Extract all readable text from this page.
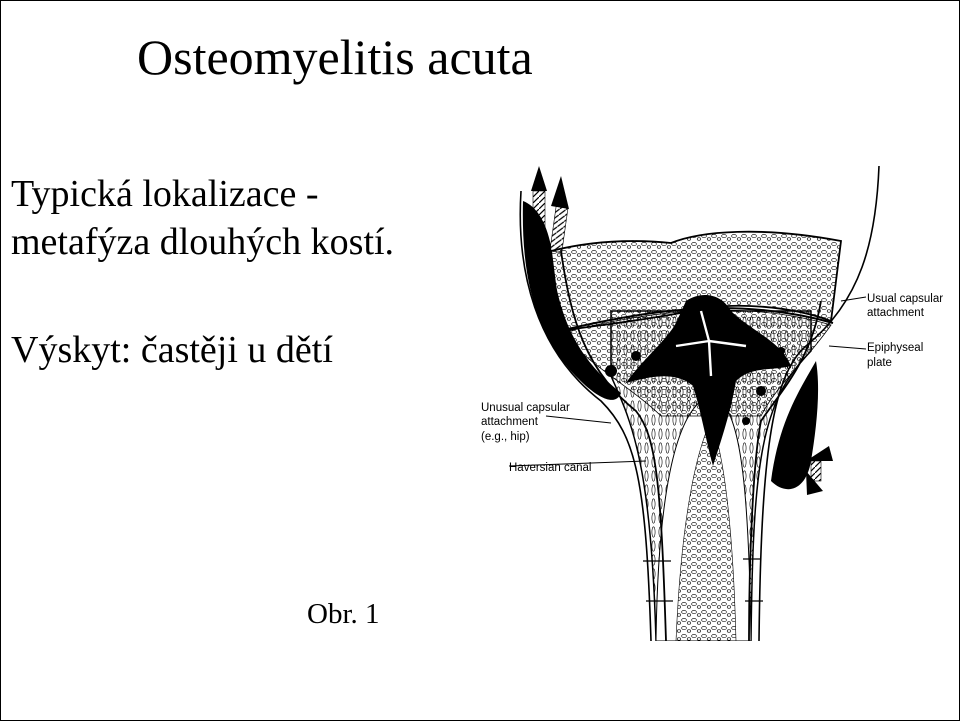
Osteomyelitis acuta
Typická lokalizace -
metafýza dlouhých kostí.
Výskyt: častěji u dětí
Usual capsular
attachment
Epiphyseal
plate
Unusual capsular
attachment
(e.g., hip)
Haversian canal
Obr. 1
